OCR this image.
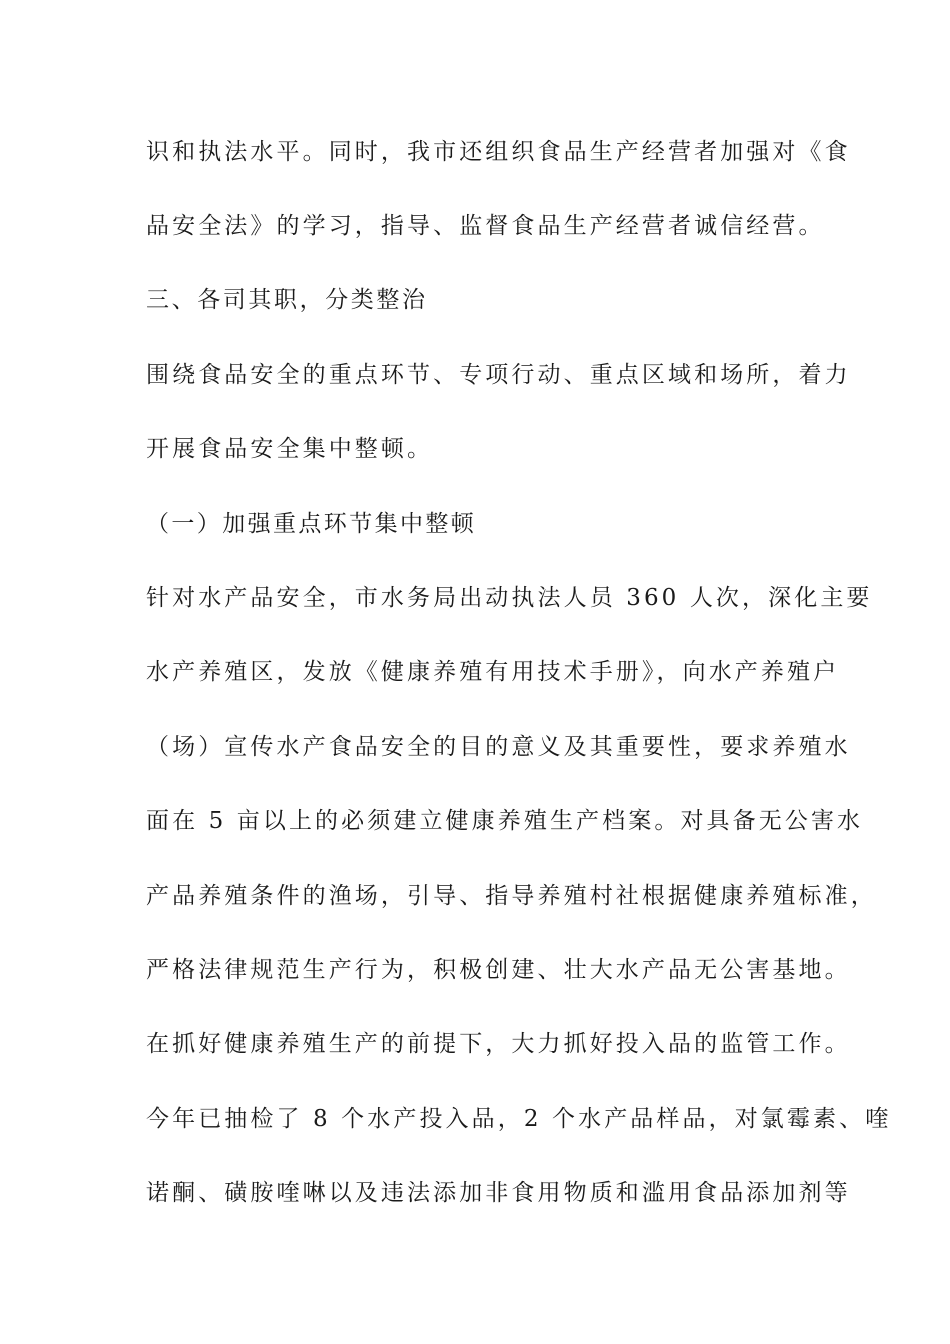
识和执法水平。同时，我市还组织食品生产经营者加强对《食
品安全法》的学习，指导、监督食品生产经营者诚信经营。
三、各司其职，分类整治
围绕食品安全的重点环节、专项行动、重点区域和场所，着力
开展食品安全集中整顿。
（一）加强重点环节集中整顿
针对水产品安全，市水务局出动执法人员 360 人次，深化主要
水产养殖区，发放《健康养殖有用技术手册》，向水产养殖户
（场）宣传水产食品安全的目的意义及其重要性，要求养殖水
面在 5 亩以上的必须建立健康养殖生产档案。对具备无公害水
产品养殖条件的渔场，引导、指导养殖村社根据健康养殖标准，
严格法律规范生产行为，积极创建、壮大水产品无公害基地。
在抓好健康养殖生产的前提下，大力抓好投入品的监管工作。
今年已抽检了 8 个水产投入品，2 个水产品样品，对氯霉素、喹
诺酮、磺胺喹啉以及违法添加非食用物质和滥用食品添加剂等
